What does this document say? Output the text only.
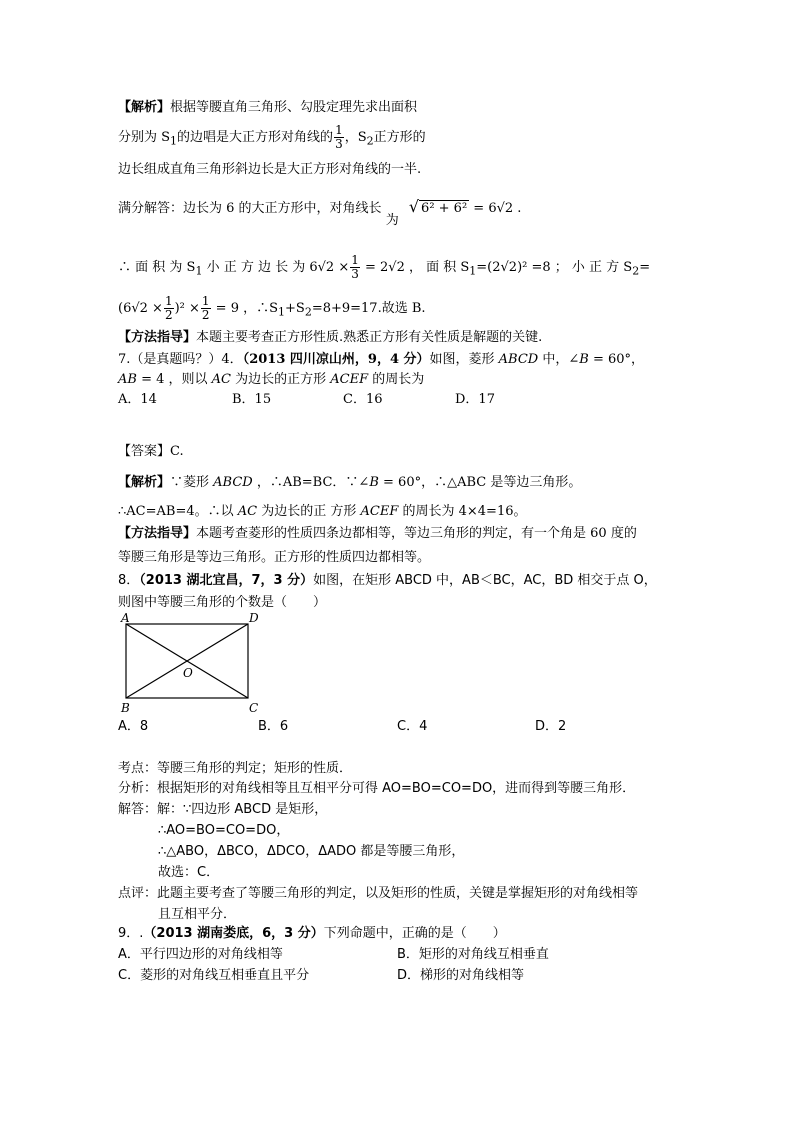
【解析】根据等腰直角三角形、勾股定理先求出面积
分别为 $S_1$的边唱是大正方形对角线的 $\frac{1}{3}$ ，$S_2$正方形的
边长组成直角三角形斜边长是大正方形对角线的一半.
满分解答：边长为 6 的大正方形中，对角线长 为 √ 6² + 6² = 6√2 .
∴ 面 积 为 $S_1$ 小 正 方 边 长 为 $6√2 \times \frac{1}{3} = 2√2$ ， 面 积 $S_1=(2√2)^2 =8$ ； 小 正 方 $S_2=$
$(6√2 \times \frac{1}{2} )^2 \times \frac{1}{2} = 9$ ，$\therefore S_1+S_2=8+9=17$.故选 B.
【方法指导】本题主要考查正方形性质.熟悉正方形有关性质是解题的关键.
7.（是真题吗？）4．（2013 四川凉山州，9，4 分）如图，菱形 ABCD 中，∠B = 60°，
AB = 4 ，则以 AC 为边长的正方形 ACEF 的周长为
A．14	B．15	C．16	D．17
【答案】C.
【解析】∵菱形 ABCD ，∴AB=BC．∵∠B = 60°，∴△ABC 是等边三角形。
∴AC=AB=4。∴以 AC 为边长的正 方形 ACEF 的周长为 4×4=16。
【方法指导】本题考查菱形的性质四条边都相等，等边三角形的判定，有一个角是 60 度的
等腰三角形是等边三角形。正方形的性质四边都相等。
8．（2013 湖北宜昌，7，3 分）如图，在矩形 ABCD 中，AB＜BC，AC，BD 相交于点 O，
则图中等腰三角形的个数是（　　）
A	D
B	C
O
A．8	B．6	C．4	D．2
考点：等腰三角形的判定；矩形的性质．
分析：根据矩形的对角线相等且互相平分可得 AO=BO=CO=DO，进而得到等腰三角形．
解答：解：∵四边形 ABCD 是矩形，
∴AO=BO=CO=DO，
∴△ABO，ΔBCO，ΔDCO，ΔADO 都是等腰三角形，
故选：C．
点评：此题主要考查了等腰三角形的判定，以及矩形的性质，关键是掌握矩形的对角线相等
且互相平分．
9．.（2013 湖南娄底，6，3 分）下列命题中，正确的是（　　）
A．平行四边形的对角线相等	B．矩形的对角线互相垂直
C．菱形的对角线互相垂直且平分	D．梯形的对角线相等
